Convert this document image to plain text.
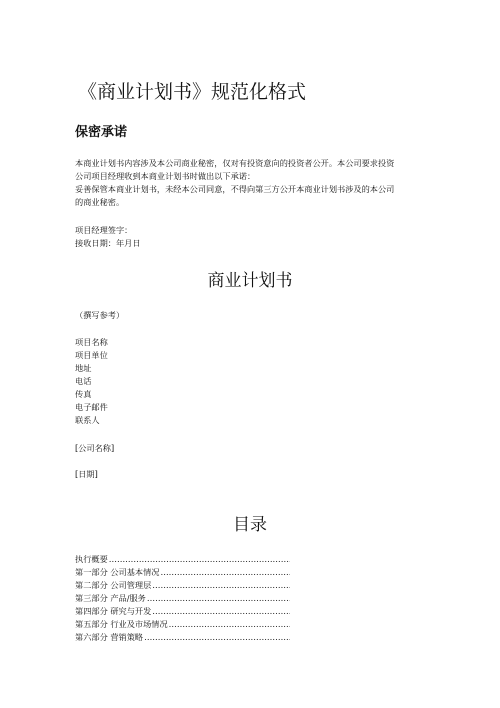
《商业计划书》规范化格式
保密承诺
本商业计划书内容涉及本公司商业秘密，仅对有投资意向的投资者公开。本公司要求投资
公司项目经理收到本商业计划书时做出以下承诺：
妥善保管本商业计划书，未经本公司同意，不得向第三方公开本商业计划书涉及的本公司
的商业秘密。
项目经理签字：
接收日期：年月日
商业计划书
（撰写参考）
项目名称
项目单位
地址
电话
传真
电子邮件
联系人
[公司名称]
[日期]
目录
执行概要
………………………………………………………………………………………………
第一部分 公司基本情况
………………………………………………………………………………………………
第二部分 公司管理层
………………………………………………………………………………………………
第三部分 产品/服务
………………………………………………………………………………………………
第四部分 研究与开发
………………………………………………………………………………………………
第五部分 行业及市场情况
………………………………………………………………………………………………
第六部分 营销策略
………………………………………………………………………………………………
